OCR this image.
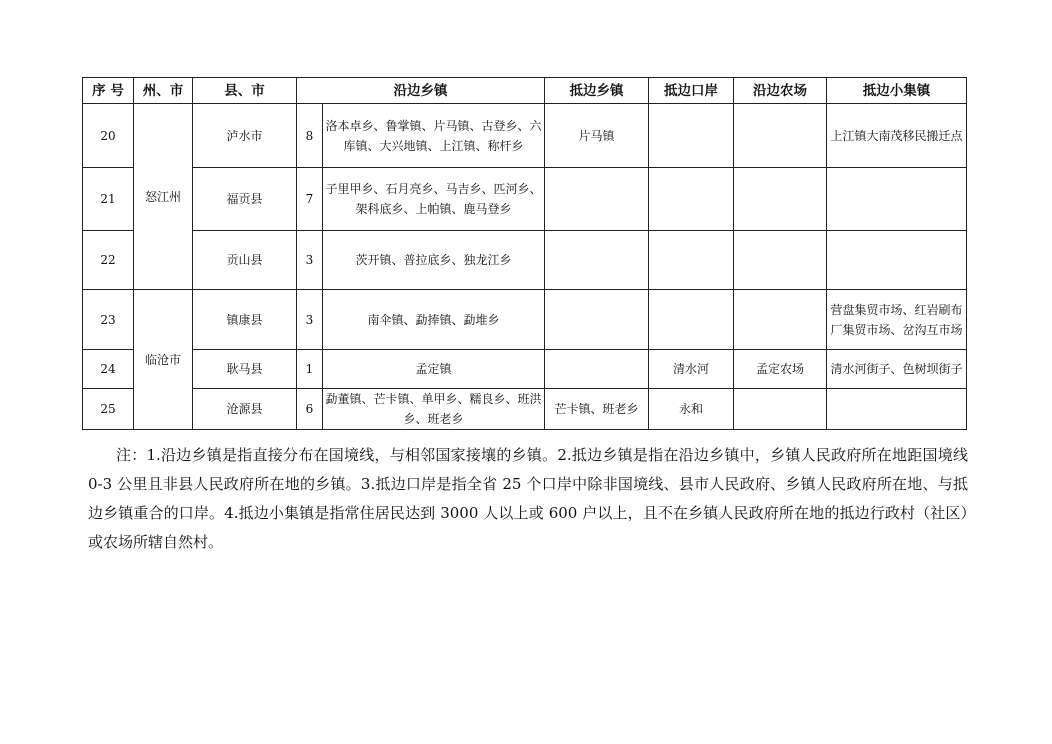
序 号	州、市	县、市	沿边乡镇		抵边乡镇	抵边口岸	沿边农场	抵边小集镇
20	怒江州	泸水市	8	洛本卓乡、鲁掌镇、片马镇、古登乡、六库镇、大兴地镇、上江镇、称杆乡	片马镇			上江镇大南茂移民搬迁点
21		福贡县	7	子里甲乡、石月亮乡、马吉乡、匹河乡、架科底乡、上帕镇、鹿马登乡				
22		贡山县	3	茨开镇、普拉底乡、独龙江乡				
23	临沧市	镇康县	3	南伞镇、勐捧镇、勐堆乡				营盘集贸市场、红岩刷布厂集贸市场、岔沟互市场
24		耿马县	1	孟定镇		清水河	孟定农场	清水河街子、色树坝街子
25		沧源县	6	勐董镇、芒卡镇、单甲乡、糯良乡、班洪乡、班老乡	芒卡镇、班老乡	永和		
注：1.沿边乡镇是指直接分布在国境线，与相邻国家接壤的乡镇。2.抵边乡镇是指在沿边乡镇中，乡镇人民政府所在地距国境线 0-3 公里且非县人民政府所在地的乡镇。3.抵边口岸是指全省 25 个口岸中除非国境线、县市人民政府、乡镇人民政府所在地、与抵边乡镇重合的口岸。4.抵边小集镇是指常住居民达到 3000 人以上或 600 户以上，且不在乡镇人民政府所在地的抵边行政村（社区）或农场所辖自然村。
